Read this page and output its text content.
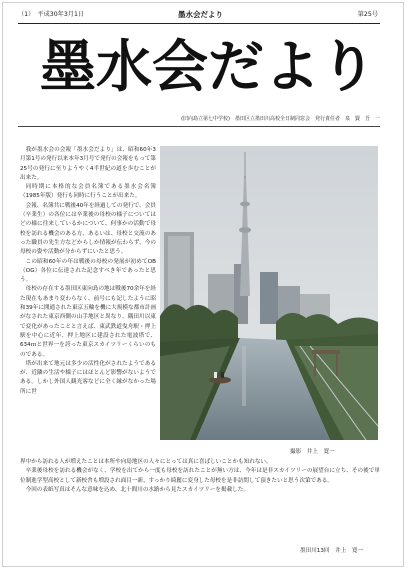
（1）　平成30年3月1日	墨水会だより	第25号
墨水会だより
(旧向島立第七中学校)　墨田区立墨田川高校全日制同窓会　発行責任者　泉　賢　吾　一

我が墨水会の会報「墨水会だより」は、昭和60年3月第1号の発行以来本年3月号で発行の会報をもって第25号の発行に至りようやく4半世紀の道を歩むことが出来た。

同時期に本格的な会員名簿である墨水会名簿（1985年版）発行も同時に行うことが出来た。

会報、名簿共に戦後40年を経過しての発行で、会員（卒業生）の各位には卒業後の母校の様子についてはどの様に往来しているかについて、何事かの活動で母校を訪れる機会のある方、あるいは、母校と交流のあった職員の先生方などからしか情報が伝わらず、今の母校の姿や活動が分からずにいたと思う。

この昭和60年の年は戦後の母校の発展が初めてOB（OG）各位に伝達された記念すべき年であったと思う。

母校の存在する墨田区東向島の地は戦後70余年を経た現在もあまり変わらなく、前号にも記したように昭和39年に開通された東京五輪を機に大規模な都市計画がなされた東京西側の山手地区と異なり、隅田川以東で変化があったことと言えば、東武鉄道曳舟駅・押上駅を中心に近年、押上地区に建設された電波塔で、634ｍと世界一を誇った東京スカイツリーくらいのものである。

塔が出来て地元は多少の活性化がされたようであるが、近隣の生活や様子にはほとんど影響がないようである。しかし外国人観光客などに全く縁がなかった場所に世

撮影　井上　寛一

界中から訪れる人が増えたことは本所や向島地区の人々にとっては真に喜ばしいことかも知れない。

卒業後母校を訪れる機会がなく、学校を出てから一度も母校を訪れたことが無い方は、今年は是非スカイツリーの展望台に立ち、その後で単位制進学型高校として新校舎も増設され面目一新、すっかり綺麗に変身した母校を是非訪問して頂きたいと思う次第である。

今回の表紙写真はそんな意味を込め、北十間川の水路から見たスカイツリーを掲載した。

墨田川13回　井上　寛一
